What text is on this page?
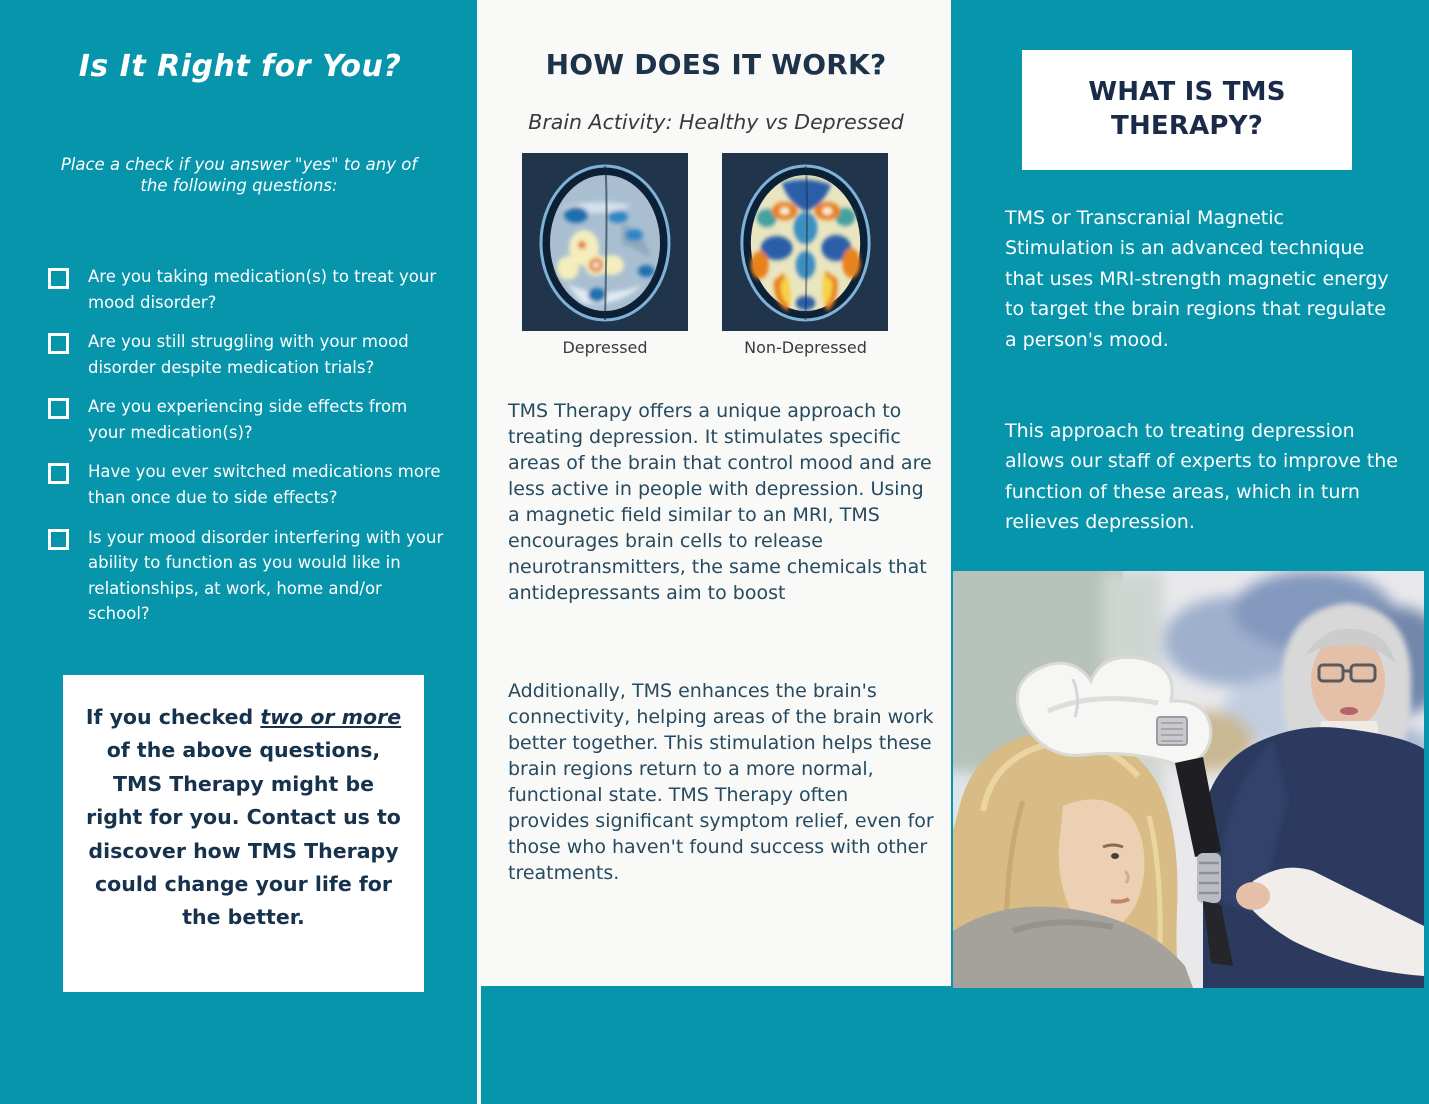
Is It Right for You?
Place a check if you answer "yes" to any of the following questions:
Are you taking medication(s) to treat your mood disorder?
Are you still struggling with your mood disorder despite medication trials?
Are you experiencing side effects from your medication(s)?
Have you ever switched medications more than once due to side effects?
Is your mood disorder interfering with your ability to function as you would like in relationships, at work, home and/or school?
If you checked two or more of the above questions, TMS Therapy might be right for you. Contact us to discover how TMS Therapy could change your life for the better.
HOW DOES IT WORK?
Brain Activity: Healthy vs Depressed
Depressed	Non-Depressed
TMS Therapy offers a unique approach to treating depression. It stimulates specific areas of the brain that control mood and are less active in people with depression. Using a magnetic field similar to an MRI, TMS encourages brain cells to release neurotransmitters, the same chemicals that antidepressants aim to boost
Additionally, TMS enhances the brain's connectivity, helping areas of the brain work better together. This stimulation helps these brain regions return to a more normal, functional state. TMS Therapy often provides significant symptom relief, even for those who haven't found success with other treatments.
WHAT IS TMS THERAPY?
TMS or Transcranial Magnetic Stimulation is an advanced technique that uses MRI-strength magnetic energy to target the brain regions that regulate a person's mood.
This approach to treating depression allows our staff of experts to improve the function of these areas, which in turn relieves depression.
